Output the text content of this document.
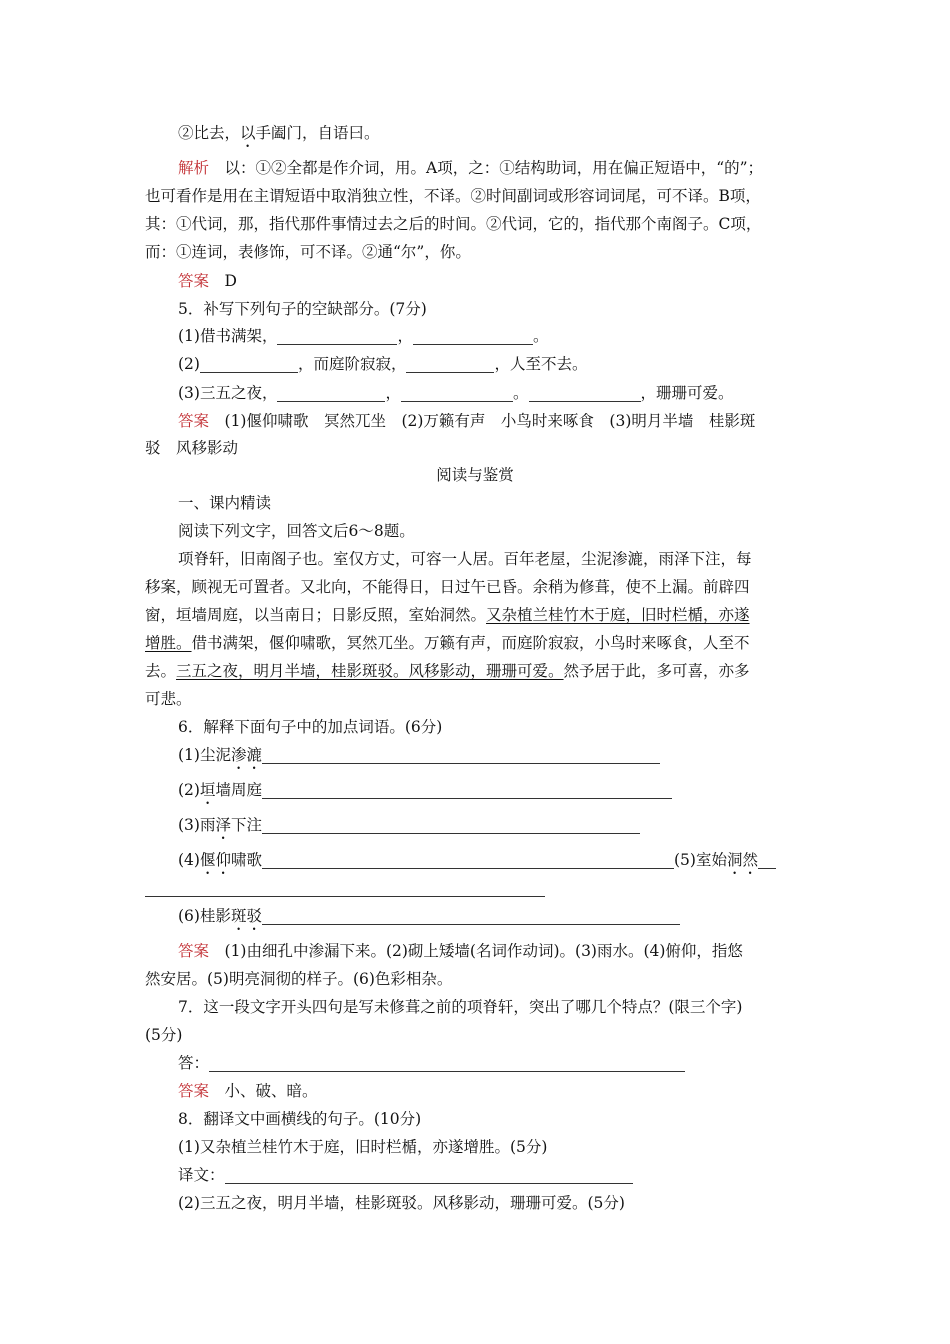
②比去，以手阖门，自语曰。
解析　以：①②全都是作介词，用。A项，之：①结构助词，用在偏正短语中，“的”；
也可看作是用在主谓短语中取消独立性，不译。②时间副词或形容词词尾，可不译。B项，
其：①代词，那，指代那件事情过去之后的时间。②代词，它的，指代那个南阁子。C项，
而：①连词，表修饰，可不译。②通“尔”，你。
答案　D
5．补写下列句子的空缺部分。(7分)
(1)借书满架，	，	。
(2)	，而庭阶寂寂，	，人至不去。
(3)三五之夜，	，	。	，珊珊可爱。
答案　(1)偃仰啸歌　冥然兀坐　(2)万籁有声　小鸟时来啄食　(3)明月半墙　桂影斑
驳　风移影动
阅读与鉴赏
一、课内精读
阅读下列文字，回答文后6～8题。
项脊轩，旧南阁子也。室仅方丈，可容一人居。百年老屋，尘泥渗漉，雨泽下注，每
移案，顾视无可置者。又北向，不能得日，日过午已昏。余稍为修葺，使不上漏。前辟四
窗，垣墙周庭，以当南日；日影反照，室始洞然。又杂植兰桂竹木于庭，旧时栏楯，亦遂
增胜。借书满架，偃仰啸歌，冥然兀坐。万籁有声，而庭阶寂寂，小鸟时来啄食，人至不
去。三五之夜，明月半墙，桂影斑驳。风移影动，珊珊可爱。然予居于此，多可喜，亦多
可悲。
6．解释下面句子中的加点词语。(6分)
(1)尘泥渗漉
(2)垣墙周庭
(3)雨泽下注
(4)偃仰啸歌	(5)室始洞然
(6)桂影斑驳
答案　(1)由细孔中渗漏下来。(2)砌上矮墙(名词作动词)。(3)雨水。(4)俯仰，指悠
然安居。(5)明亮洞彻的样子。(6)色彩相杂。
7．这一段文字开头四句是写未修葺之前的项脊轩，突出了哪几个特点？(限三个字)
(5分)
答：
答案　小、破、暗。
8．翻译文中画横线的句子。(10分)
(1)又杂植兰桂竹木于庭，旧时栏楯，亦遂增胜。(5分)
译文：
(2)三五之夜，明月半墙，桂影斑驳。风移影动，珊珊可爱。(5分)
